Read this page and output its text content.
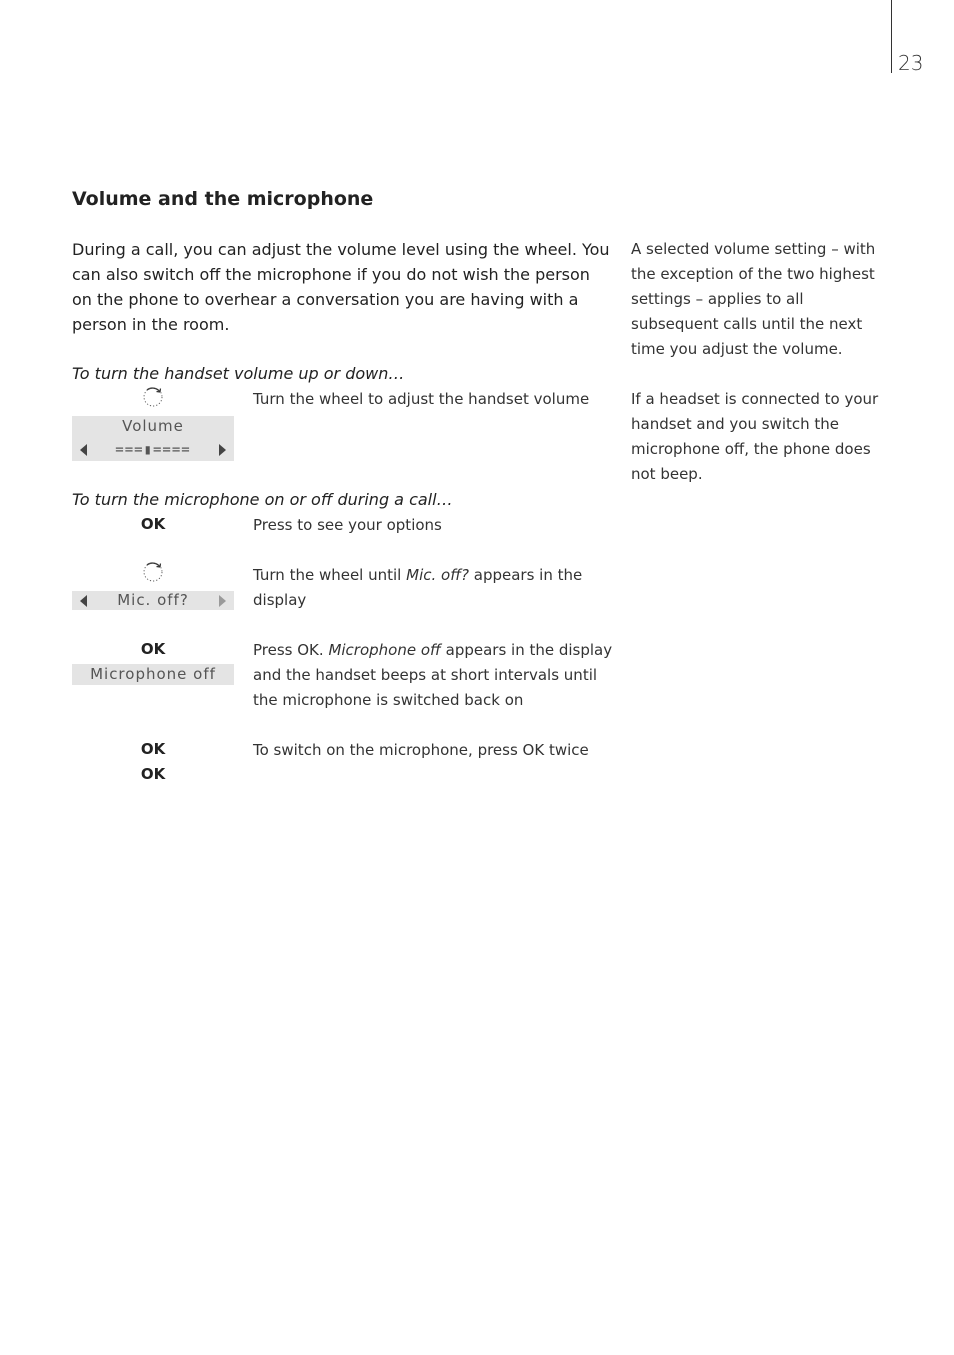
23
Volume and the microphone
During a call, you can adjust the volume level using the wheel. You can also switch off the microphone if you do not wish the person on the phone to overhear a conversation you are having with a person in the room.
A selected volume setting – with the exception of the two highest settings – applies to all subsequent calls until the next time you adjust the volume.
If a headset is connected to your handset and you switch the microphone off, the phone does not beep.
To turn the handset volume up or down…
Volume
===▮====
Turn the wheel to adjust the handset volume
To turn the microphone on or off during a call…
OK	Press to see your options
Mic. off?
Turn the wheel until Mic. off? appears in the display
OK
Microphone off
Press OK. Microphone off appears in the display and the handset beeps at short intervals until the microphone is switched back on
OK
OK
To switch on the microphone, press OK twice
